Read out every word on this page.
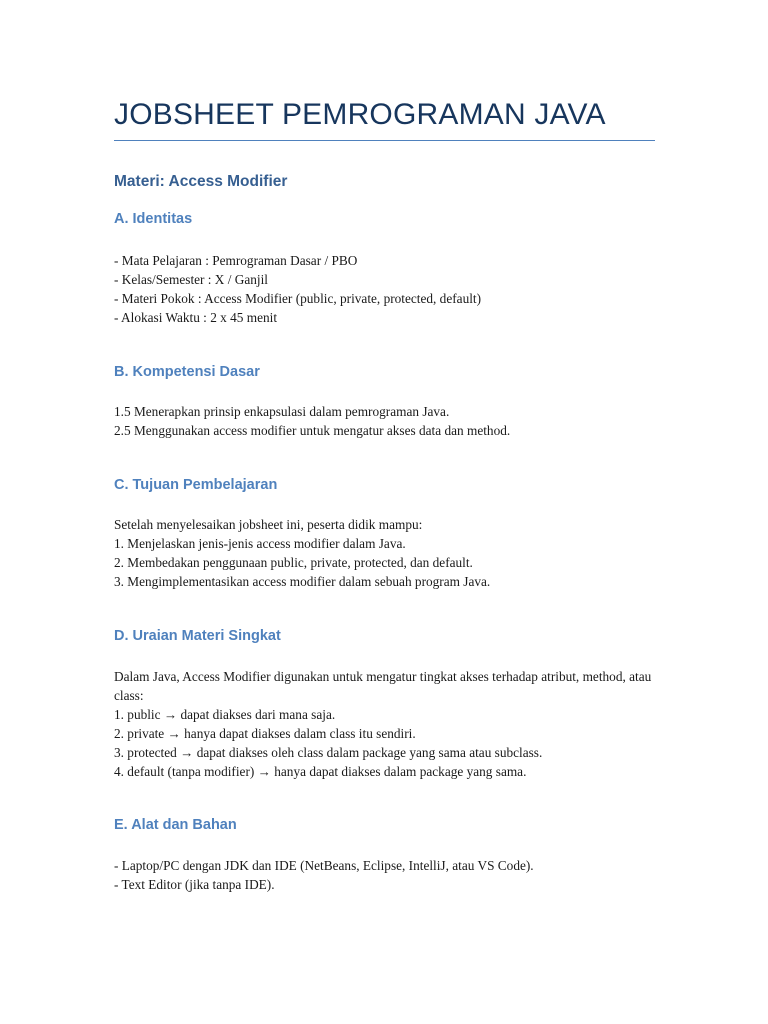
JOBSHEET PEMROGRAMAN JAVA
Materi: Access Modifier
A. Identitas
- Mata Pelajaran : Pemrograman Dasar / PBO
- Kelas/Semester : X / Ganjil
- Materi Pokok : Access Modifier (public, private, protected, default)
- Alokasi Waktu : 2 x 45 menit
B. Kompetensi Dasar
1.5 Menerapkan prinsip enkapsulasi dalam pemrograman Java.
2.5 Menggunakan access modifier untuk mengatur akses data dan method.
C. Tujuan Pembelajaran
Setelah menyelesaikan jobsheet ini, peserta didik mampu:
1. Menjelaskan jenis-jenis access modifier dalam Java.
2. Membedakan penggunaan public, private, protected, dan default.
3. Mengimplementasikan access modifier dalam sebuah program Java.
D. Uraian Materi Singkat
Dalam Java, Access Modifier digunakan untuk mengatur tingkat akses terhadap atribut, method, atau class:
1. public → dapat diakses dari mana saja.
2. private → hanya dapat diakses dalam class itu sendiri.
3. protected → dapat diakses oleh class dalam package yang sama atau subclass.
4. default (tanpa modifier) → hanya dapat diakses dalam package yang sama.
E. Alat dan Bahan
- Laptop/PC dengan JDK dan IDE (NetBeans, Eclipse, IntelliJ, atau VS Code).
- Text Editor (jika tanpa IDE).
